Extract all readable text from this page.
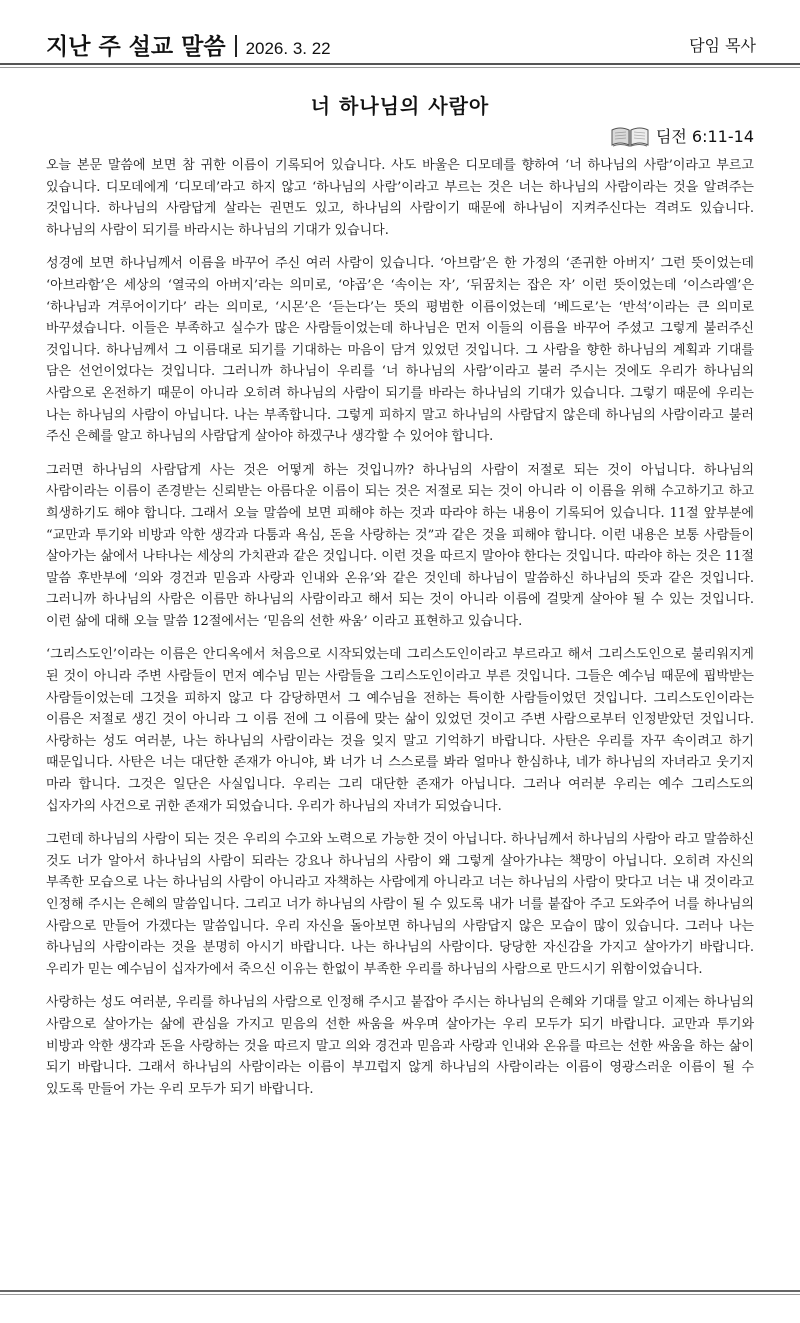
지난 주 설교 말씀 2026. 3. 22	담임 목사
너 하나님의 사람아
딤전 6:11-14

오늘 본문 말씀에 보면 참 귀한 이름이 기록되어 있습니다. 사도 바울은 디모데를 향하여 ‘너 하나님의 사람’이라고 부르고 있습니다. 디모데에게 ‘디모데’라고 하지 않고 ‘하나님의 사람’이라고 부르는 것은 너는 하나님의 사람이라는 것을 알려주는 것입니다. 하나님의 사람답게 살라는 권면도 있고, 하나님의 사람이기 때문에 하나님이 지켜주신다는 격려도 있습니다. 하나님의 사람이 되기를 바라시는 하나님의 기대가 있습니다.

성경에 보면 하나님께서 이름을 바꾸어 주신 여러 사람이 있습니다. ‘아브람’은 한 가정의 ‘존귀한 아버지’ 그런 뜻이었는데 ‘아브라함’은 세상의 ‘열국의 아버지’라는 의미로, ‘야곱’은 ‘속이는 자’, ‘뒤꿈치는 잡은 자’ 이런 뜻이었는데 ‘이스라엘’은 ‘하나님과 겨루어이기다’ 라는 의미로, ‘시몬’은 ‘듣는다’는 뜻의 평범한 이름이었는데 ‘베드로’는 ‘반석’이라는 큰 의미로 바꾸셨습니다. 이들은 부족하고 실수가 많은 사람들이었는데 하나님은 먼저 이들의 이름을 바꾸어 주셨고 그렇게 불러주신 것입니다. 하나님께서 그 이름대로 되기를 기대하는 마음이 담겨 있었던 것입니다. 그 사람을 향한 하나님의 계획과 기대를 담은 선언이었다는 것입니다. 그러니까 하나님이 우리를 ‘너 하나님의 사람’이라고 불러 주시는 것에도 우리가 하나님의 사람으로 온전하기 때문이 아니라 오히려 하나님의 사람이 되기를 바라는 하나님의 기대가 있습니다. 그렇기 때문에 우리는 나는 하나님의 사람이 아닙니다. 나는 부족합니다. 그렇게 피하지 말고 하나님의 사람답지 않은데 하나님의 사람이라고 불러 주신 은혜를 알고 하나님의 사람답게 살아야 하겠구나 생각할 수 있어야 합니다.

그러면 하나님의 사람답게 사는 것은 어떻게 하는 것입니까? 하나님의 사람이 저절로 되는 것이 아닙니다. 하나님의 사람이라는 이름이 존경받는 신뢰받는 아름다운 이름이 되는 것은 저절로 되는 것이 아니라 이 이름을 위해 수고하기고 하고 희생하기도 해야 합니다. 그래서 오늘 말씀에 보면 피해야 하는 것과 따라야 하는 내용이 기록되어 있습니다. 11절 앞부분에 “교만과 투기와 비방과 악한 생각과 다툼과 욕심, 돈을 사랑하는 것”과 같은 것을 피해야 합니다. 이런 내용은 보통 사람들이 살아가는 삶에서 나타나는 세상의 가치관과 같은 것입니다. 이런 것을 따르지 말아야 한다는 것입니다. 따라야 하는 것은 11절 말씀 후반부에 ‘의와 경건과 믿음과 사랑과 인내와 온유’와 같은 것인데 하나님이 말씀하신 하나님의 뜻과 같은 것입니다. 그러니까 하나님의 사람은 이름만 하나님의 사람이라고 해서 되는 것이 아니라 이름에 걸맞게 살아야 될 수 있는 것입니다. 이런 삶에 대해 오늘 말씀 12절에서는 ‘믿음의 선한 싸움’ 이라고 표현하고 있습니다.

‘그리스도인’이라는 이름은 안디옥에서 처음으로 시작되었는데 그리스도인이라고 부르라고 해서 그리스도인으로 불리워지게 된 것이 아니라 주변 사람들이 먼저 예수님 믿는 사람들을 그리스도인이라고 부른 것입니다. 그들은 예수님 때문에 핍박받는 사람들이었는데 그것을 피하지 않고 다 감당하면서 그 예수님을 전하는 특이한 사람들이었던 것입니다. 그리스도인이라는 이름은 저절로 생긴 것이 아니라 그 이름 전에 그 이름에 맞는 삶이 있었던 것이고 주변 사람으로부터 인정받았던 것입니다. 사랑하는 성도 여러분, 나는 하나님의 사람이라는 것을 잊지 말고 기억하기 바랍니다. 사탄은 우리를 자꾸 속이려고 하기 때문입니다. 사탄은 너는 대단한 존재가 아니야, 봐 너가 너 스스로를 봐라 얼마나 한심하냐, 네가 하나님의 자녀라고 웃기지 마라 합니다. 그것은 일단은 사실입니다. 우리는 그리 대단한 존재가 아닙니다. 그러나 여러분 우리는 예수 그리스도의 십자가의 사건으로 귀한 존재가 되었습니다. 우리가 하나님의 자녀가 되었습니다.

그런데 하나님의 사람이 되는 것은 우리의 수고와 노력으로 가능한 것이 아닙니다. 하나님께서 하나님의 사람아 라고 말씀하신 것도 너가 알아서 하나님의 사람이 되라는 강요나 하나님의 사람이 왜 그렇게 살아가냐는 책망이 아닙니다. 오히려 자신의 부족한 모습으로 나는 하나님의 사람이 아니라고 자책하는 사람에게 아니라고 너는 하나님의 사람이 맞다고 너는 내 것이라고 인정해 주시는 은혜의 말씀입니다. 그리고 너가 하나님의 사람이 될 수 있도록 내가 너를 붙잡아 주고 도와주어 너를 하나님의 사람으로 만들어 가겠다는 말씀입니다. 우리 자신을 돌아보면 하나님의 사람답지 않은 모습이 많이 있습니다. 그러나 나는 하나님의 사람이라는 것을 분명히 아시기 바랍니다. 나는 하나님의 사람이다. 당당한 자신감을 가지고 살아가기 바랍니다. 우리가 믿는 예수님이 십자가에서 죽으신 이유는 한없이 부족한 우리를 하나님의 사람으로 만드시기 위함이었습니다.

사랑하는 성도 여러분, 우리를 하나님의 사람으로 인정해 주시고 붙잡아 주시는 하나님의 은혜와 기대를 알고 이제는 하나님의 사람으로 살아가는 삶에 관심을 가지고 믿음의 선한 싸움을 싸우며 살아가는 우리 모두가 되기 바랍니다. 교만과 투기와 비방과 악한 생각과 돈을 사랑하는 것을 따르지 말고 의와 경건과 믿음과 사랑과 인내와 온유를 따르는 선한 싸움을 하는 삶이 되기 바랍니다. 그래서 하나님의 사람이라는 이름이 부끄럽지 않게 하나님의 사람이라는 이름이 영광스러운 이름이 될 수 있도록 만들어 가는 우리 모두가 되기 바랍니다.
